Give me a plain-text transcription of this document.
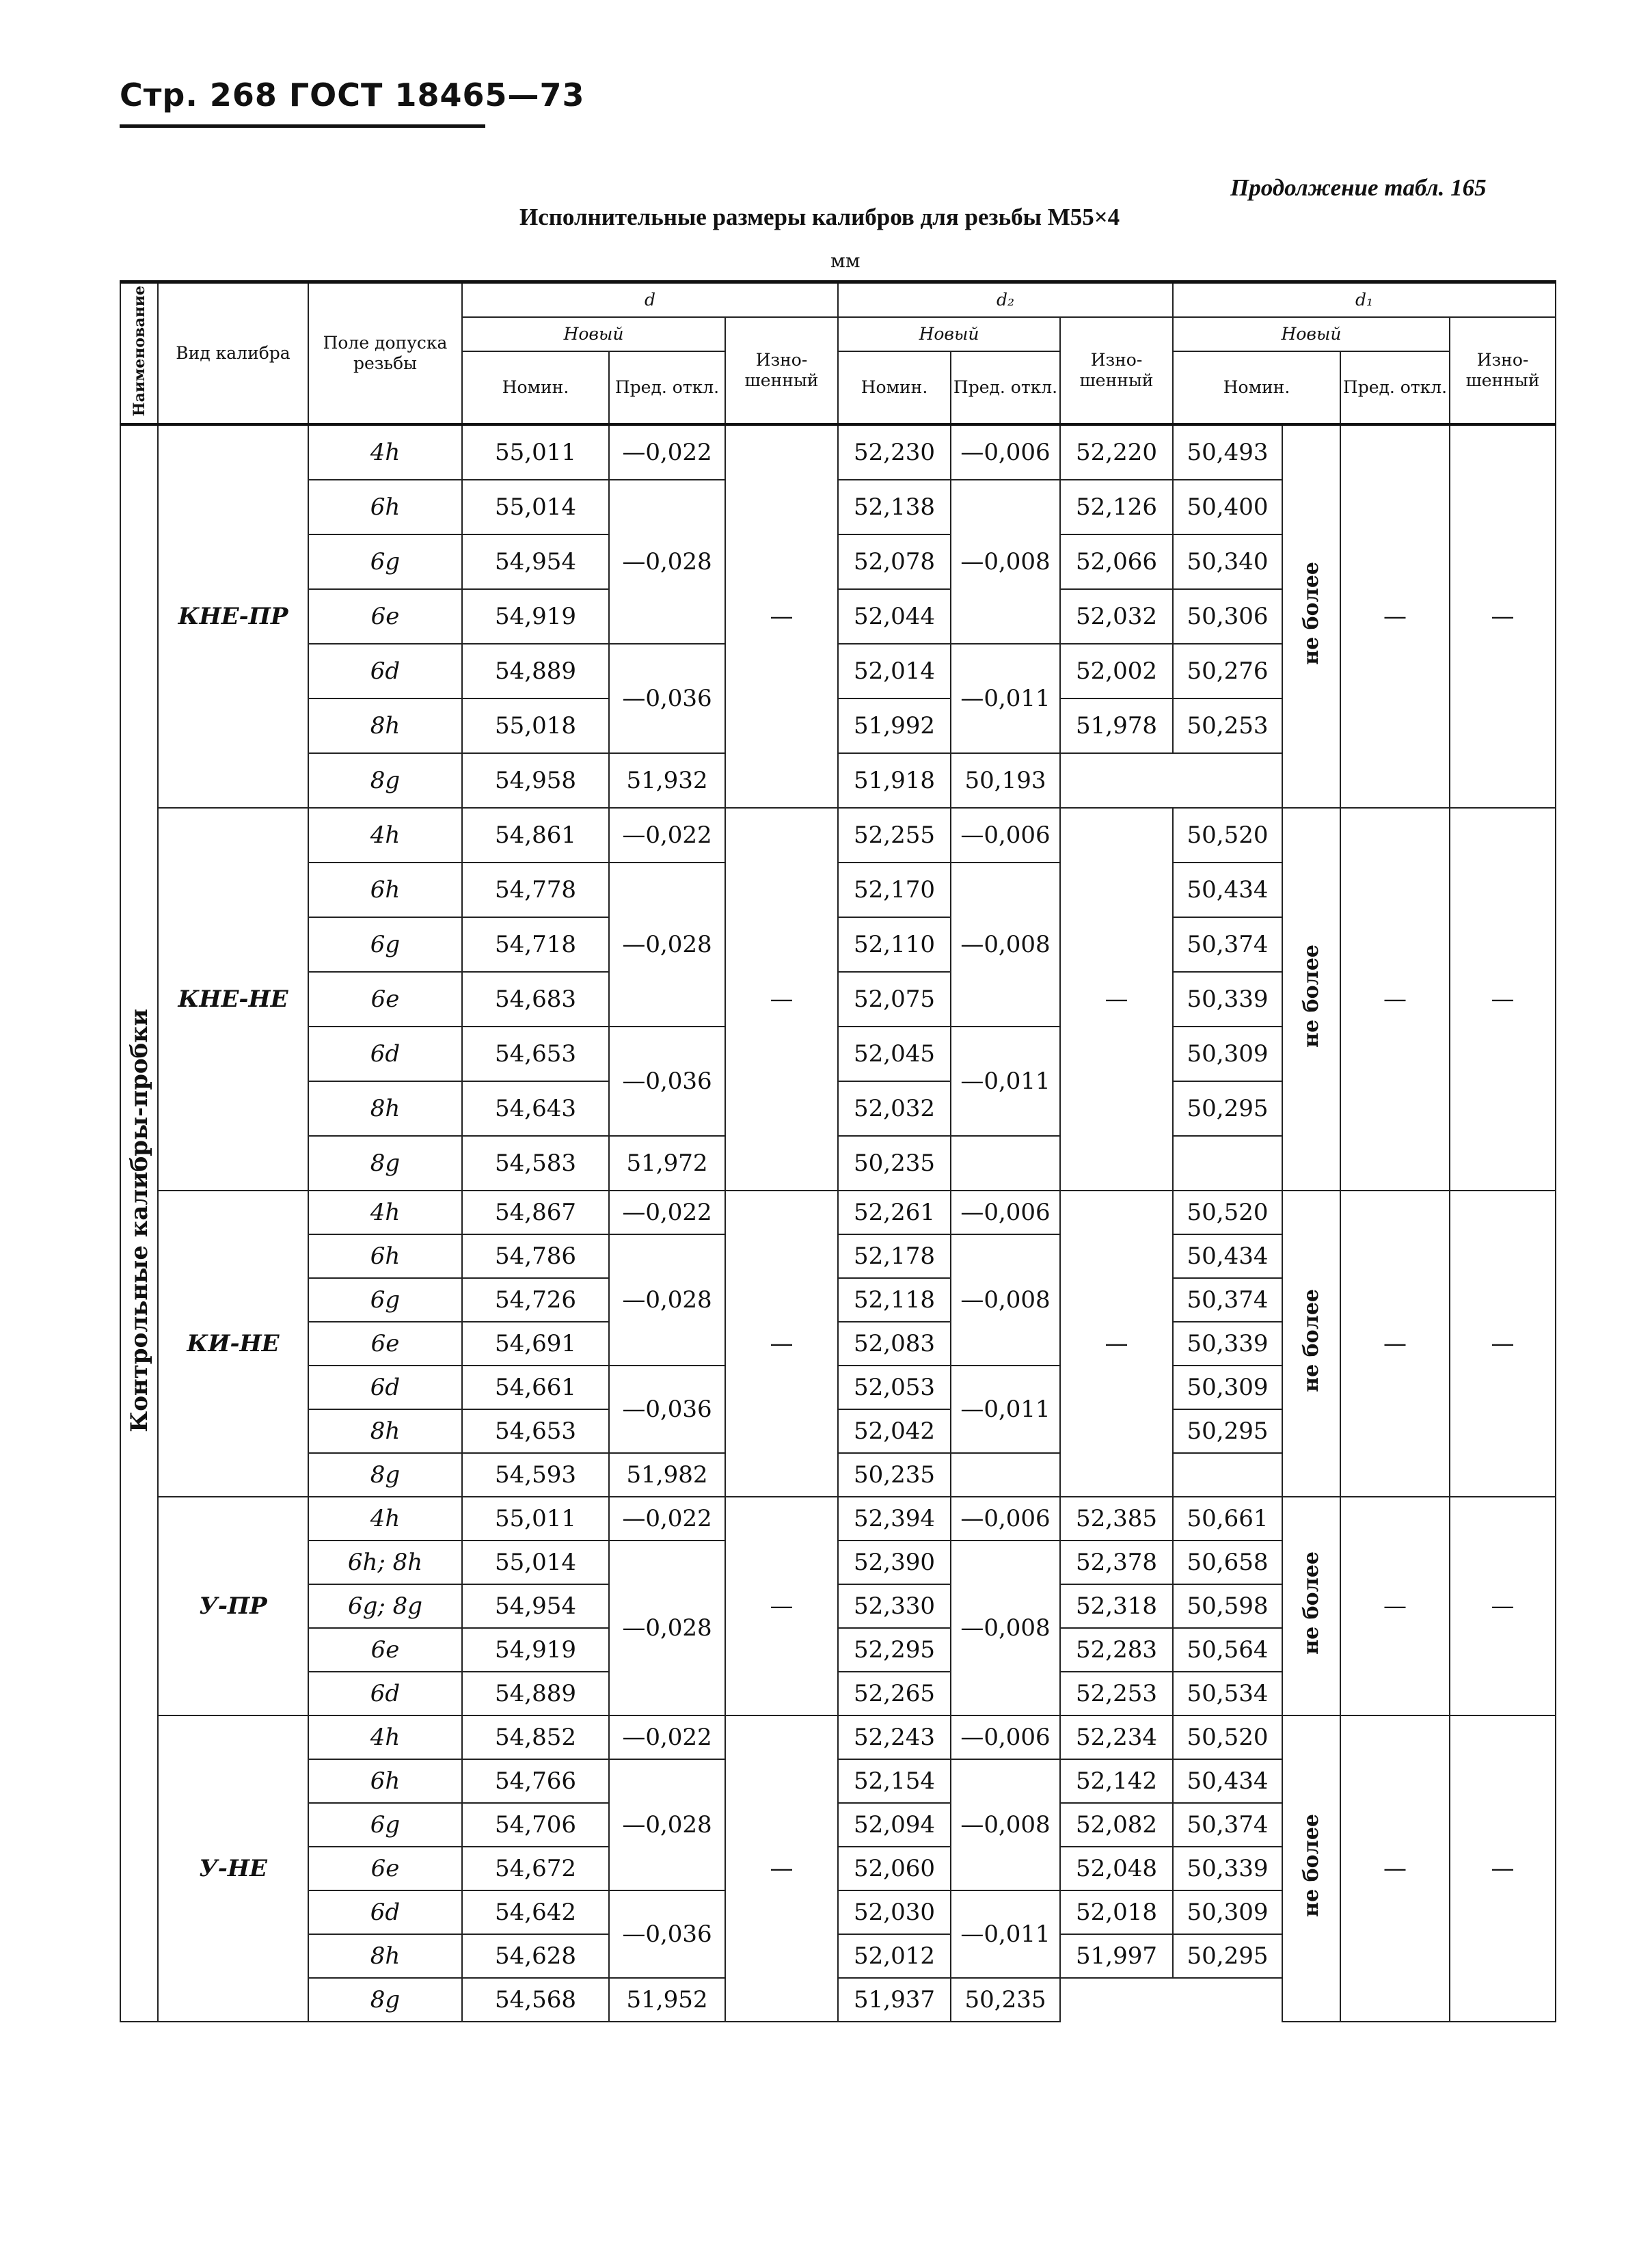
Стр. 268 ГОСТ 18465—73
Продолжение табл. 165
Исполнительные размеры калибров для резьбы М55×4
мм
Наименование	Вид калибра	Поле допуска резьбы	d			d₂			d₁			
			Новый		Изно-шенный	Новый		Изно-шенный	Новый			Изно-шенный
			Номин.	Пред. откл.		Номин.	Пред. откл.		Номин.		Пред. откл.	
Контрольные калибры-пробки	КНЕ-ПР	4h	55,011	—0,022	—	52,230	—0,006	52,220	50,493	не более	—	—
		6h	55,014	—0,028		52,138	—0,008	52,126	50,400			
		6g	54,954			52,078		52,066	50,340			
		6e	54,919			52,044		52,032	50,306			
		6d	54,889	—0,036		52,014	—0,011	52,002	50,276			
		8h	55,018			51,992		51,978	50,253			
		8g	54,958	51,932		51,918	50,193					
	КНЕ-НЕ	4h	54,861	—0,022	—	52,255	—0,006	—	50,520	не более	—	—
		6h	54,778	—0,028		52,170	—0,008		50,434			
		6g	54,718			52,110			50,374			
		6e	54,683			52,075			50,339			
		6d	54,653	—0,036		52,045	—0,011		50,309			
		8h	54,643			52,032			50,295			
		8g	54,583	51,972		50,235						
	КИ-НЕ	4h	54,867	—0,022	—	52,261	—0,006	—	50,520	не более	—	—
		6h	54,786	—0,028		52,178	—0,008		50,434			
		6g	54,726			52,118			50,374			
		6e	54,691			52,083			50,339			
		6d	54,661	—0,036		52,053	—0,011		50,309			
		8h	54,653			52,042			50,295			
		8g	54,593	51,982		50,235						
	У-ПР	4h	55,011	—0,022	—	52,394	—0,006	52,385	50,661	не более	—	—
		6h; 8h	55,014	—0,028		52,390	—0,008	52,378	50,658			
		6g; 8g	54,954			52,330		52,318	50,598			
		6e	54,919			52,295		52,283	50,564			
		6d	54,889			52,265		52,253	50,534			
	У-НЕ	4h	54,852	—0,022	—	52,243	—0,006	52,234	50,520	не более	—	—
		6h	54,766	—0,028		52,154	—0,008	52,142	50,434			
		6g	54,706			52,094		52,082	50,374			
		6e	54,672			52,060		52,048	50,339			
		6d	54,642	—0,036		52,030	—0,011	52,018	50,309			
		8h	54,628			52,012		51,997	50,295			
		8g	54,568	51,952		51,937	50,235					
